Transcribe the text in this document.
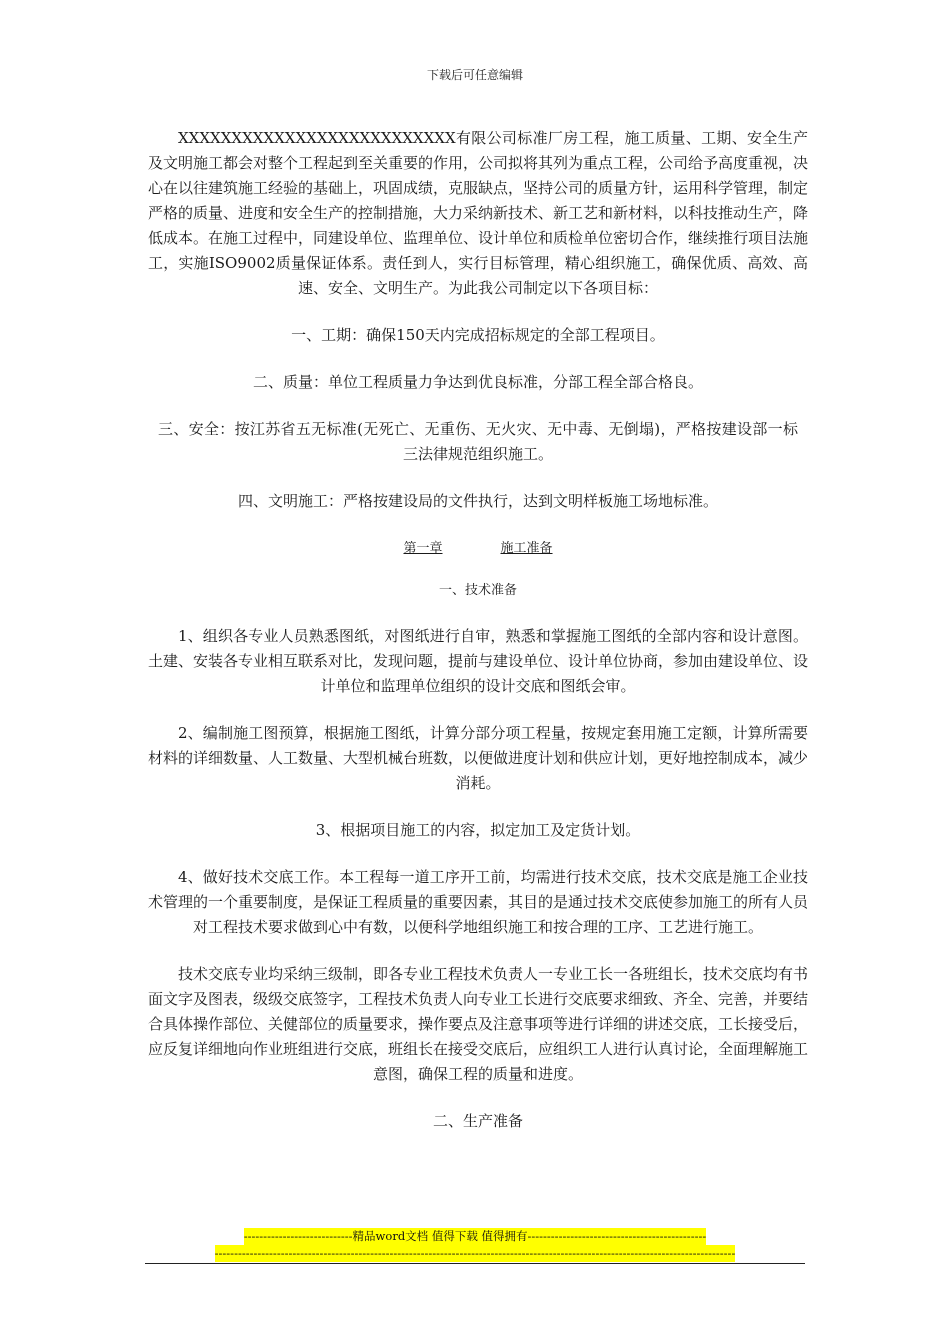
下载后可任意编辑

XXXXXXXXXXXXXXXXXXXXXXXXXX有限公司标准厂房工程，施工质量、工期、安全生产及文明施工都会对整个工程起到至关重要的作用，公司拟将其列为重点工程，公司给予高度重视，决心在以往建筑施工经验的基础上，巩固成绩，克服缺点，坚持公司的质量方针，运用科学管理，制定严格的质量、进度和安全生产的控制措施，大力采纳新技术、新工艺和新材料，以科技推动生产，降低成本。在施工过程中，同建设单位、监理单位、设计单位和质检单位密切合作，继续推行项目法施工，实施ISO9002质量保证体系。责任到人，实行目标管理，精心组织施工，确保优质、高效、高速、安全、文明生产。为此我公司制定以下各项目标：

一、工期：确保150天内完成招标规定的全部工程项目。

二、质量：单位工程质量力争达到优良标准，分部工程全部合格良。

三、安全：按江苏省五无标准(无死亡、无重伤、无火灾、无中毒、无倒塌)，严格按建设部一标三法律规范组织施工。

四、文明施工：严格按建设局的文件执行，达到文明样板施工场地标准。

第一章	施工准备

一、技术准备

1、组织各专业人员熟悉图纸，对图纸进行自审，熟悉和掌握施工图纸的全部内容和设计意图。土建、安装各专业相互联系对比，发现问题，提前与建设单位、设计单位协商，参加由建设单位、设计单位和监理单位组织的设计交底和图纸会审。

2、编制施工图预算，根据施工图纸，计算分部分项工程量，按规定套用施工定额，计算所需要材料的详细数量、人工数量、大型机械台班数，以便做进度计划和供应计划，更好地控制成本，减少消耗。

3、根据项目施工的内容，拟定加工及定货计划。

4、做好技术交底工作。本工程每一道工序开工前，均需进行技术交底，技术交底是施工企业技术管理的一个重要制度，是保证工程质量的重要因素，其目的是通过技术交底使参加施工的所有人员对工程技术要求做到心中有数，以便科学地组织施工和按合理的工序、工艺进行施工。

技术交底专业均采纳三级制，即各专业工程技术负责人一专业工长一各班组长，技术交底均有书面文字及图表，级级交底签字，工程技术负责人向专业工长进行交底要求细致、齐全、完善，并要结合具体操作部位、关健部位的质量要求，操作要点及注意事项等进行详细的讲述交底，工长接受后，应反复详细地向作业班组进行交底，班组长在接受交底后，应组织工人进行认真讨论，全面理解施工意图，确保工程的质量和进度。

二、生产准备

----------------------------精品word文档 值得下载 值得拥有----------------------------------------------
--------------------------------------------------------------------------------------------------------------------------------------
